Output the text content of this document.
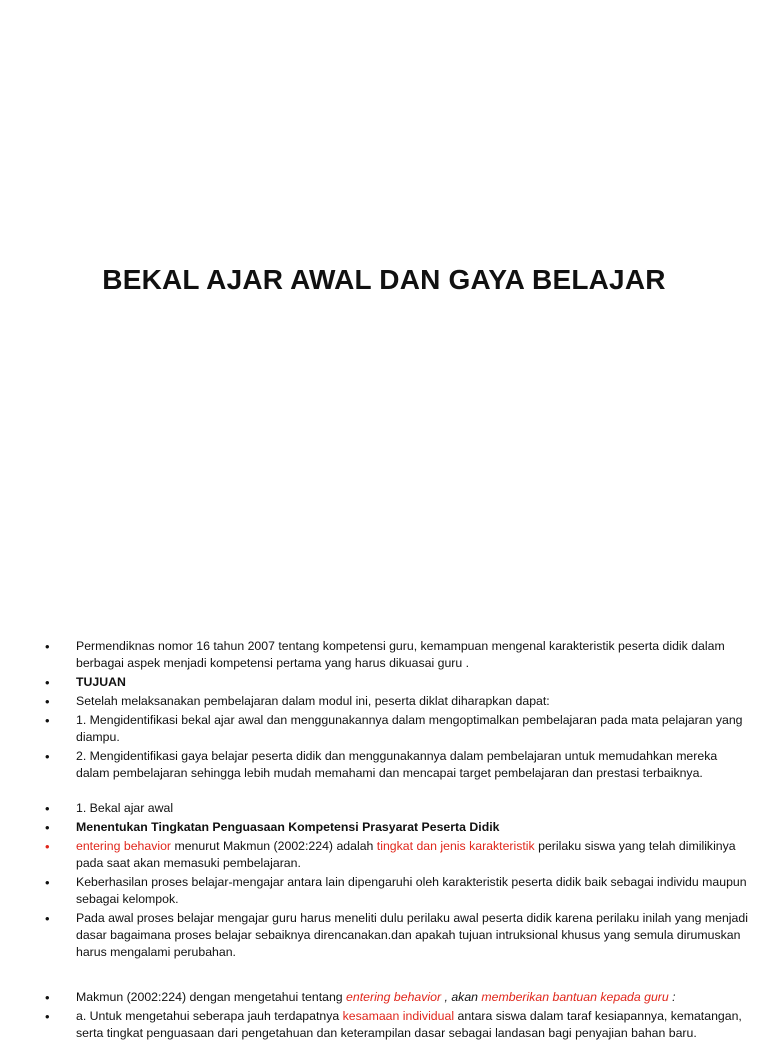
BEKAL AJAR AWAL DAN GAYA BELAJAR
• Permendiknas nomor 16 tahun 2007 tentang kompetensi guru, kemampuan mengenal karakteristik peserta didik dalam berbagai aspek menjadi kompetensi pertama yang harus dikuasai guru .
• TUJUAN
• Setelah melaksanakan pembelajaran dalam modul ini, peserta diklat diharapkan dapat:
• 1. Mengidentifikasi bekal ajar awal dan menggunakannya dalam mengoptimalkan pembelajaran pada mata pelajaran yang diampu.
• 2. Mengidentifikasi gaya belajar peserta didik dan menggunakannya dalam pembelajaran untuk memudahkan mereka dalam pembelajaran sehingga lebih mudah memahami dan mencapai target pembelajaran dan prestasi terbaiknya.
• 1. Bekal ajar awal
• Menentukan Tingkatan Penguasaan Kompetensi Prasyarat Peserta Didik
• entering behavior menurut Makmun (2002:224) adalah tingkat dan jenis karakteristik perilaku siswa yang telah dimilikinya pada saat akan memasuki pembelajaran.
• Keberhasilan proses belajar-mengajar antara lain dipengaruhi oleh karakteristik peserta didik baik sebagai individu maupun sebagai kelompok.
• Pada awal proses belajar mengajar guru harus meneliti dulu perilaku awal peserta didik karena perilaku inilah yang menjadi dasar bagaimana proses belajar sebaiknya direncanakan.dan apakah tujuan intruksional khusus yang semula dirumuskan harus mengalami perubahan.
• Makmun (2002:224) dengan mengetahui tentang entering behavior , akan memberikan bantuan kepada guru :
• a. Untuk mengetahui seberapa jauh terdapatnya kesamaan individual antara siswa dalam taraf kesiapannya, kematangan, serta tingkat penguasaan dari pengetahuan dan keterampilan dasar sebagai landasan bagi penyajian bahan baru.
